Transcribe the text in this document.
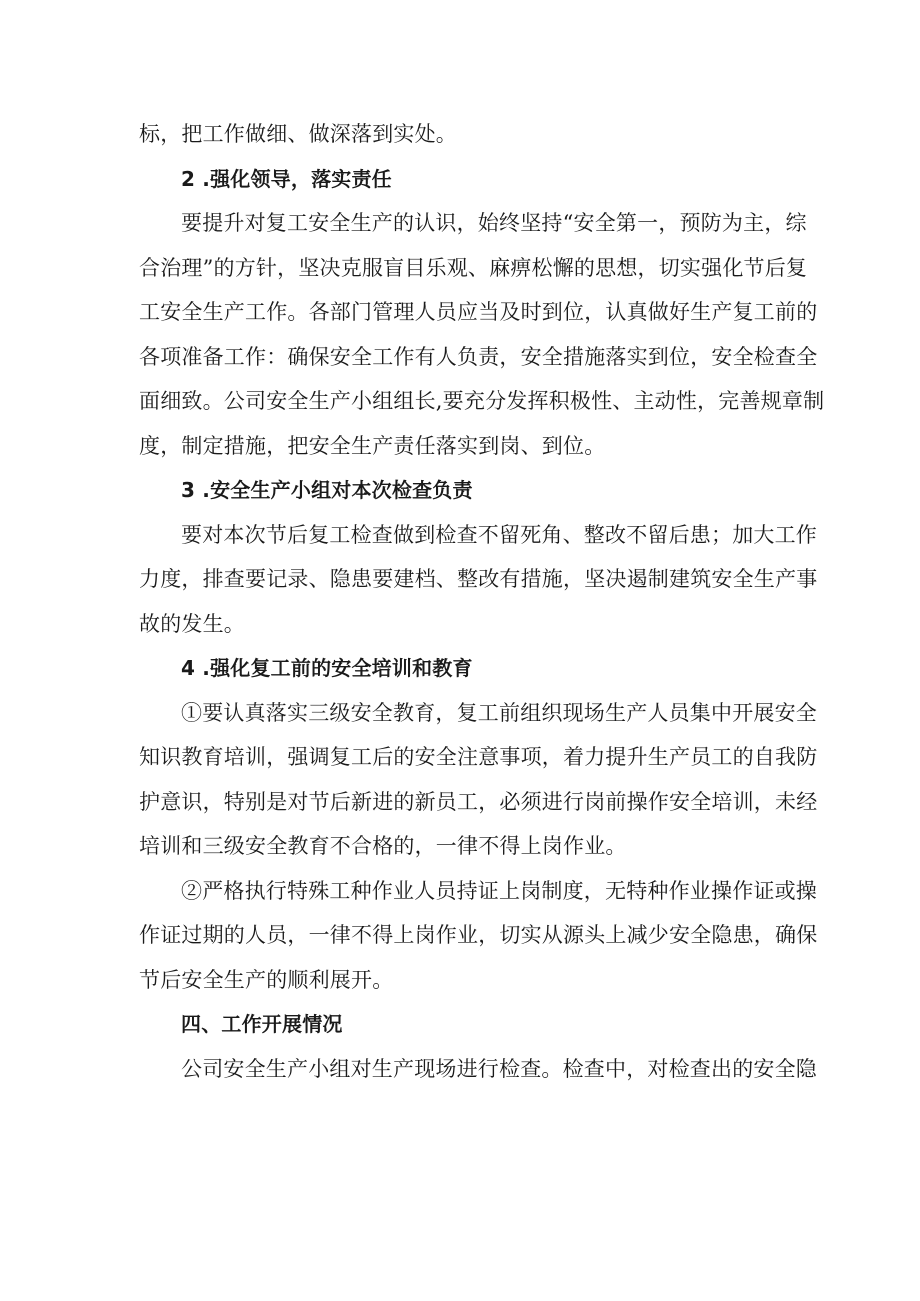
标，把工作做细、做深落到实处。

2 .强化领导，落实责任

要提升对复工安全生产的认识，始终坚持“安全第一，预防为主，综

合治理”的方针，坚决克服盲目乐观、麻痹松懈的思想，切实强化节后复

工安全生产工作。各部门管理人员应当及时到位，认真做好生产复工前的

各项准备工作：确保安全工作有人负责，安全措施落实到位，安全检查全

面细致。公司安全生产小组组长,要充分发挥积极性、主动性，完善规章制

度，制定措施，把安全生产责任落实到岗、到位。

3 .安全生产小组对本次检查负责

要对本次节后复工检查做到检查不留死角、整改不留后患；加大工作

力度，排查要记录、隐患要建档、整改有措施，坚决遏制建筑安全生产事

故的发生。

4 .强化复工前的安全培训和教育

①要认真落实三级安全教育，复工前组织现场生产人员集中开展安全

知识教育培训，强调复工后的安全注意事项，着力提升生产员工的自我防

护意识，特别是对节后新进的新员工，必须进行岗前操作安全培训，未经

培训和三级安全教育不合格的，一律不得上岗作业。

②严格执行特殊工种作业人员持证上岗制度，无特种作业操作证或操

作证过期的人员，一律不得上岗作业，切实从源头上减少安全隐患，确保

节后安全生产的顺利展开。

四、工作开展情况

公司安全生产小组对生产现场进行检查。检查中，对检查出的安全隐
